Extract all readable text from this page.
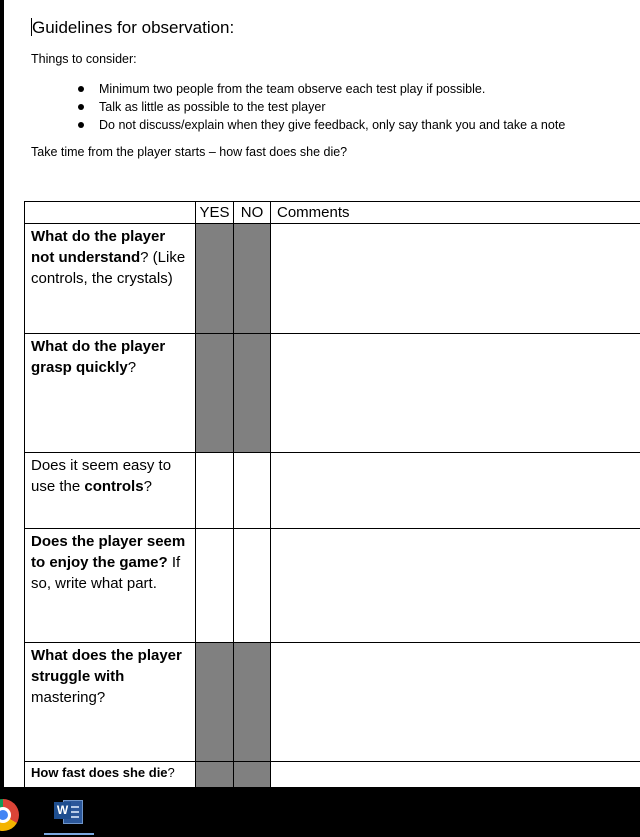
Guidelines for observation:
Things to consider:
Minimum two people from the team observe each test play if possible.
Talk as little as possible to the test player
Do not discuss/explain when they give feedback, only say thank you and take a note
Take time from the player starts – how fast does she die?
	YES	NO	Comments
What do the player not understand? (Like controls, the crystals)			
What do the player grasp quickly?			
Does it seem easy to use the controls?			
Does the player seem to enjoy the game? If so, write what part.			
What does the player struggle with mastering?			
How fast does she die?			
W
